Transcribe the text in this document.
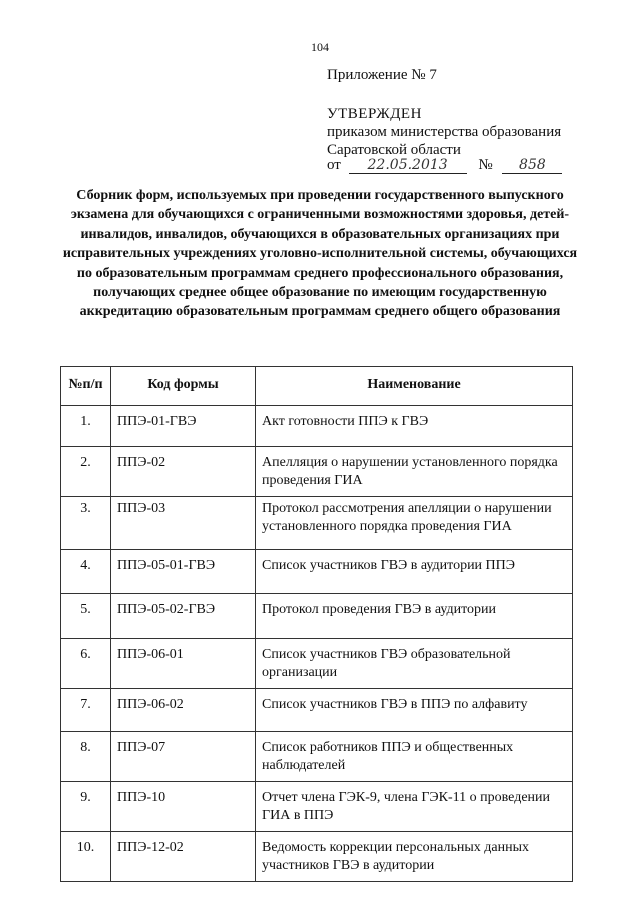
104
Приложение № 7
УТВЕРЖДЕН
приказом министерства образования
Саратовской области
от 22.05.2013 № 858
Сборник форм, используемых при проведении государственного выпускного экзамена для обучающихся с ограниченными возможностями здоровья, детей-инвалидов, инвалидов, обучающихся в образовательных организациях при исправительных учреждениях уголовно-исполнительной системы, обучающихся по образовательным программам среднего профессионального образования, получающих среднее общее образование по имеющим государственную аккредитацию образовательным программам среднего общего образования
№п/п	Код формы	Наименование
1.	ППЭ-01-ГВЭ	Акт готовности ППЭ к ГВЭ
2.	ППЭ-02	Апелляция о нарушении установленного порядка проведения ГИА
3.	ППЭ-03	Протокол рассмотрения апелляции о нарушении установленного порядка проведения ГИА
4.	ППЭ-05-01-ГВЭ	Список участников ГВЭ в аудитории ППЭ
5.	ППЭ-05-02-ГВЭ	Протокол проведения ГВЭ в аудитории
6.	ППЭ-06-01	Список участников ГВЭ образовательной организации
7.	ППЭ-06-02	Список участников ГВЭ в ППЭ по алфавиту
8.	ППЭ-07	Список работников ППЭ и общественных наблюдателей
9.	ППЭ-10	Отчет члена ГЭК-9, члена ГЭК-11 о проведении ГИА в ППЭ
10.	ППЭ-12-02	Ведомость коррекции персональных данных участников ГВЭ в аудитории
